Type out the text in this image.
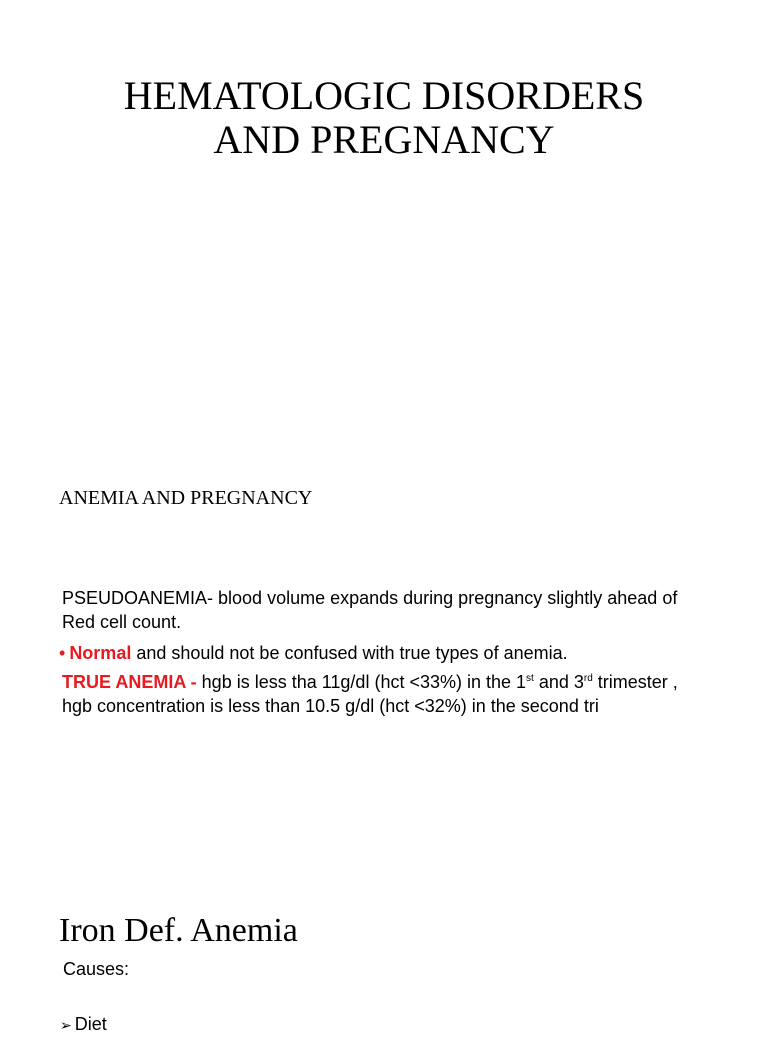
HEMATOLOGIC DISORDERS
AND PREGNANCY
ANEMIA AND PREGNANCY

PSEUDOANEMIA- blood volume expands during pregnancy slightly ahead of Red cell count.

• Normal and should not be confused with true types of anemia.

TRUE ANEMIA - hgb is less tha 11g/dl (hct <33%) in the 1st and 3rd trimester , hgb concentration is less than 10.5 g/dl (hct <32%) in the second tri

Iron Def. Anemia
Causes:
➢ Diet
